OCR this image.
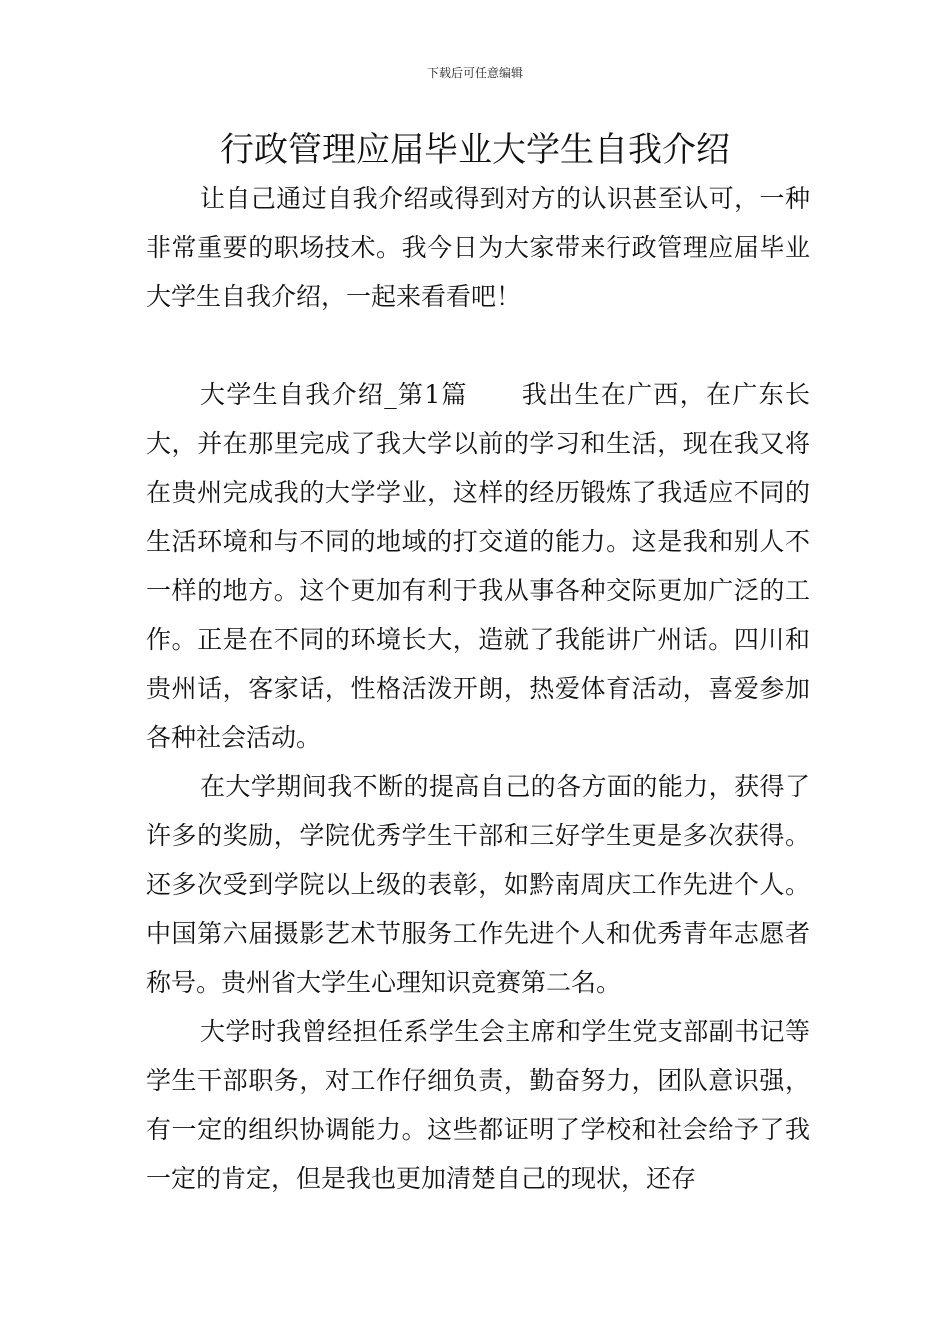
下载后可任意编辑
行政管理应届毕业大学生自我介绍

让自己通过自我介绍或得到对方的认识甚至认可，一种非常重要的职场技术。我今日为大家带来行政管理应届毕业大学生自我介绍，一起来看看吧！

大学生自我介绍_第1篇 我出生在广西，在广东长大，并在那里完成了我大学以前的学习和生活，现在我又将在贵州完成我的大学学业，这样的经历锻炼了我适应不同的生活环境和与不同的地域的打交道的能力。这是我和别人不一样的地方。这个更加有利于我从事各种交际更加广泛的工作。正是在不同的环境长大，造就了我能讲广州话。四川和贵州话，客家话，性格活泼开朗，热爱体育活动，喜爱参加各种社会活动。

在大学期间我不断的提高自己的各方面的能力，获得了许多的奖励，学院优秀学生干部和三好学生更是多次获得。还多次受到学院以上级的表彰，如黔南周庆工作先进个人。中国第六届摄影艺术节服务工作先进个人和优秀青年志愿者称号。贵州省大学生心理知识竞赛第二名。

大学时我曾经担任系学生会主席和学生党支部副书记等学生干部职务，对工作仔细负责，勤奋努力，团队意识强，有一定的组织协调能力。这些都证明了学校和社会给予了我一定的肯定，但是我也更加清楚自己的现状，还存
